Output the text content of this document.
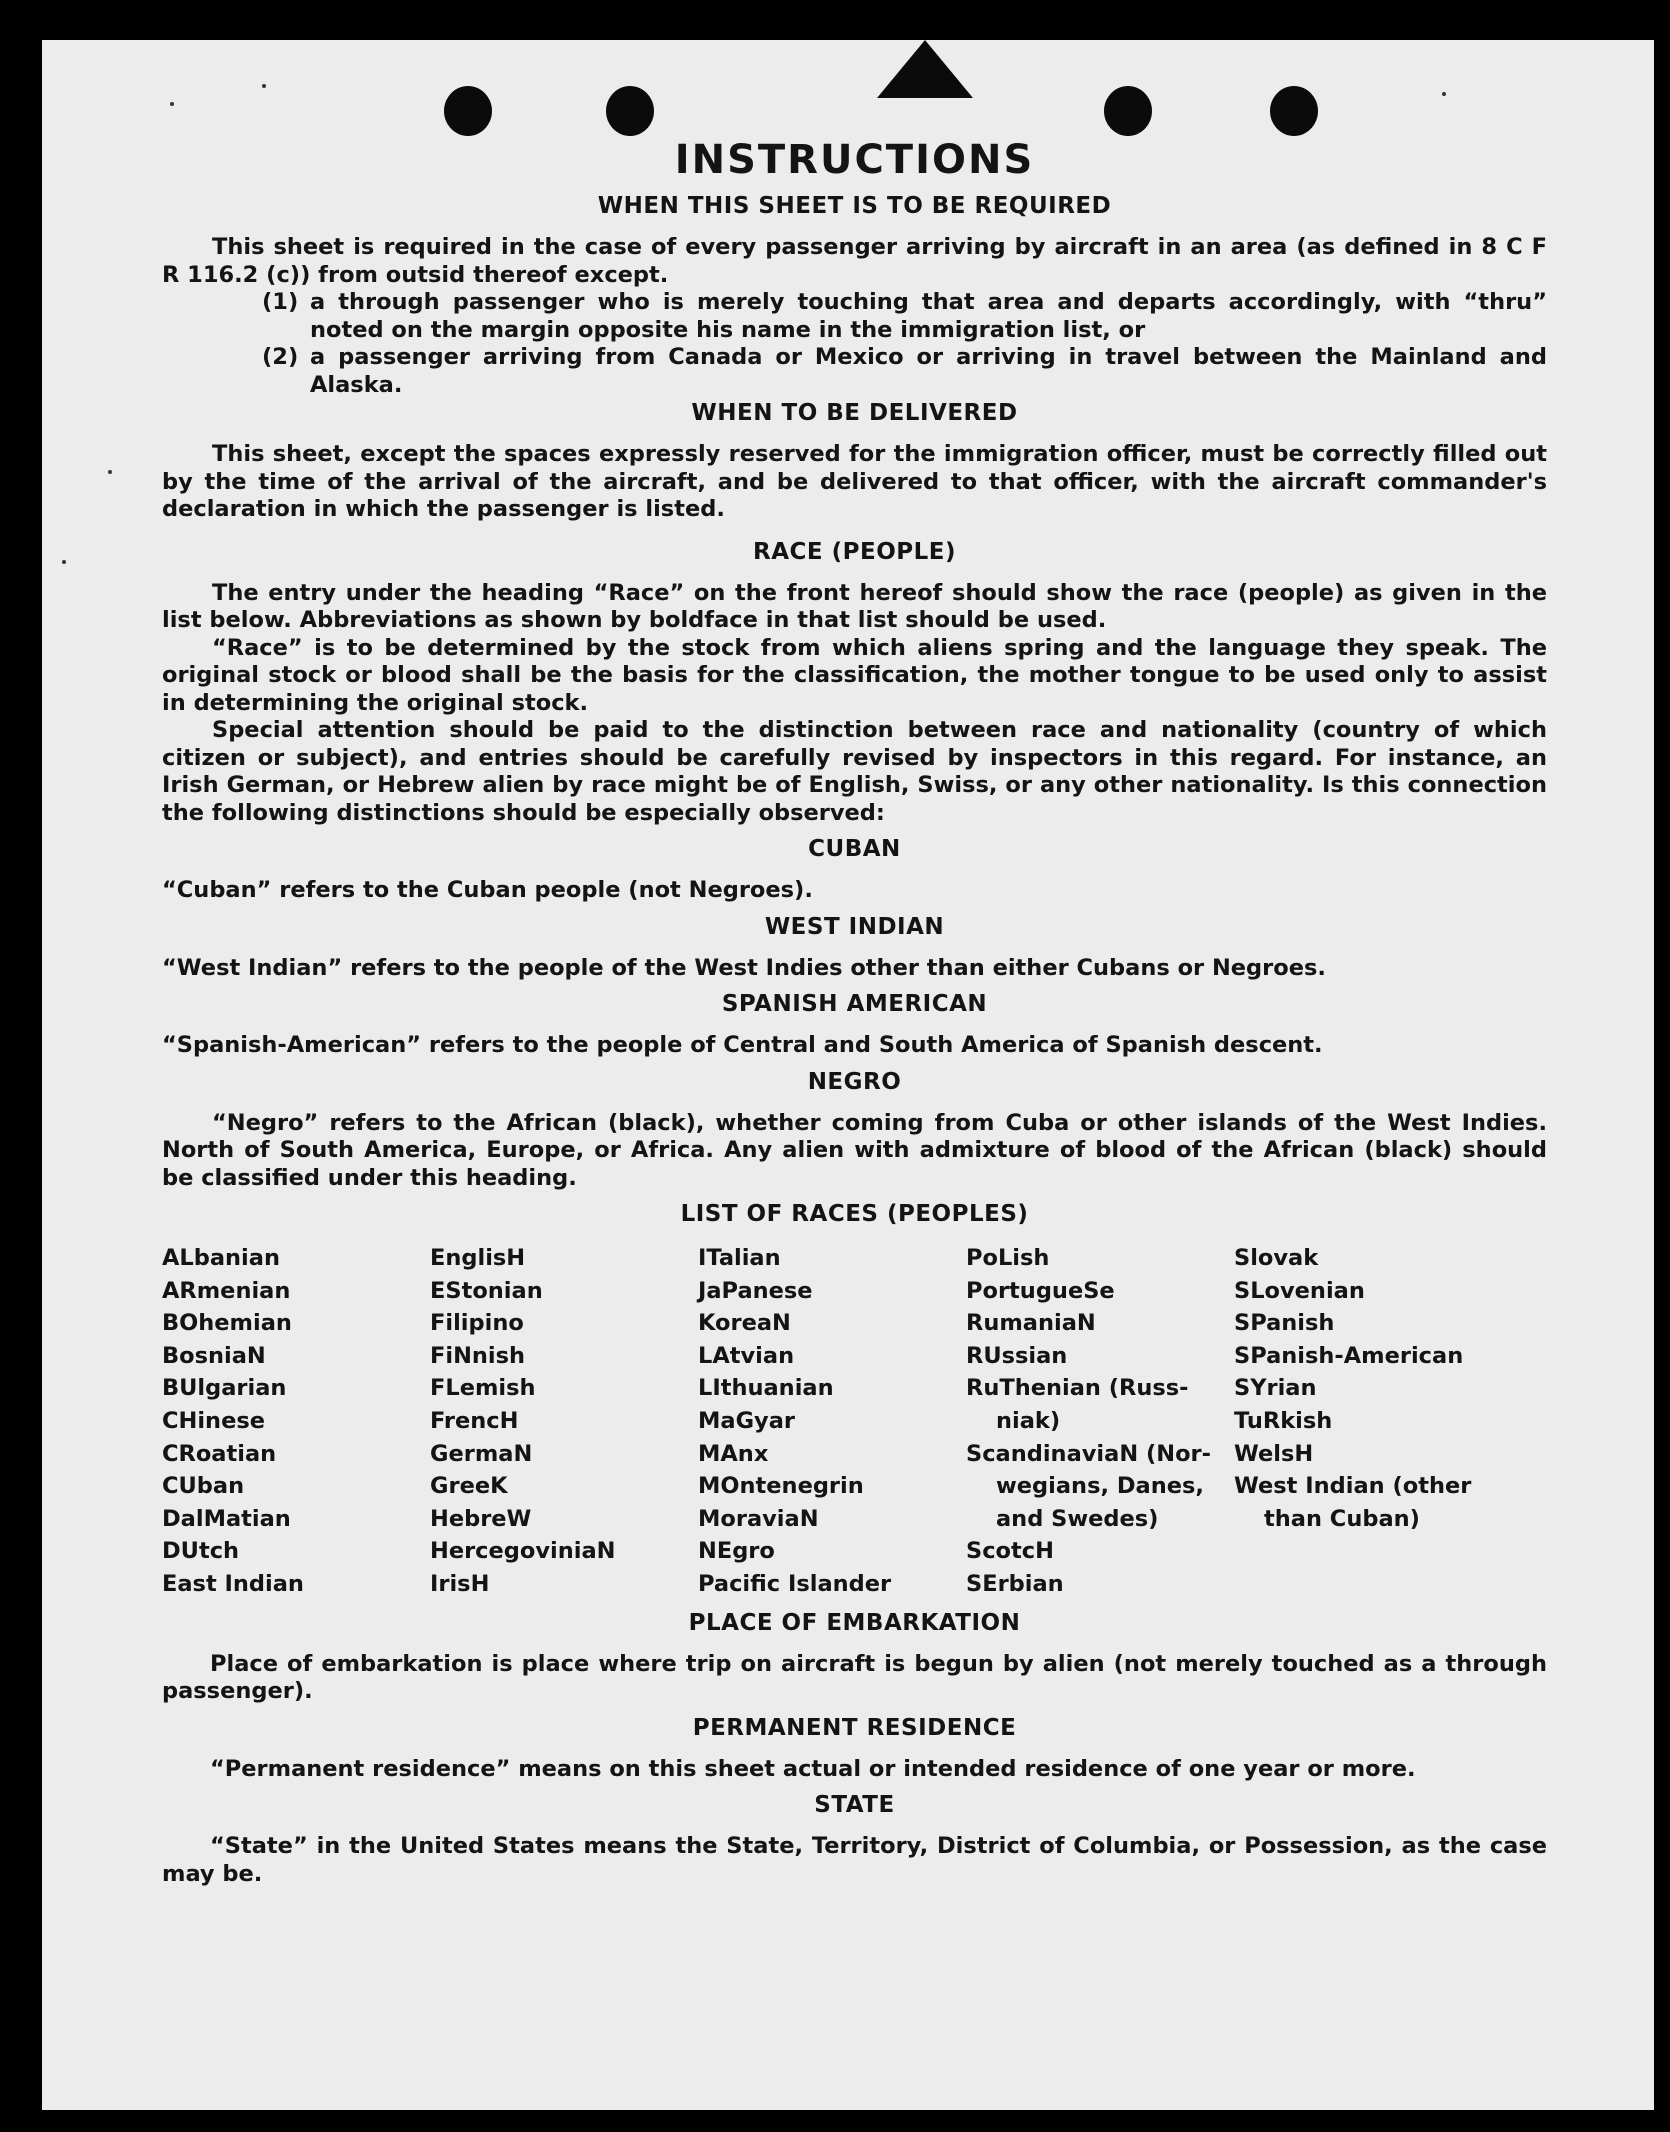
INSTRUCTIONS
WHEN THIS SHEET IS TO BE REQUIRED

This sheet is required in the case of every passenger arriving by aircraft in an area (as defined in 8 C F R 116.2 (c)) from outsid thereof except.

(1) a through passenger who is merely touching that area and departs accordingly, with “thru” noted on the margin opposite his name in the immigration list, or
(2) a passenger arriving from Canada or Mexico or arriving in travel between the Mainland and Alaska.
WHEN TO BE DELIVERED

This sheet, except the spaces expressly reserved for the immigration officer, must be correctly filled out by the time of the arrival of the aircraft, and be delivered to that officer, with the aircraft commander's declaration in which the passenger is listed.

RACE (PEOPLE)

The entry under the heading “Race” on the front hereof should show the race (people) as given in the list below. Abbreviations as shown by boldface in that list should be used.

“Race” is to be determined by the stock from which aliens spring and the language they speak. The original stock or blood shall be the basis for the classification, the mother tongue to be used only to assist in determining the original stock.

Special attention should be paid to the distinction between race and nationality (country of which citizen or subject), and entries should be carefully revised by inspectors in this regard. For instance, an Irish German, or Hebrew alien by race might be of English, Swiss, or any other nationality. Is this connection the following distinctions should be especially observed:

CUBAN

“Cuban” refers to the Cuban people (not Negroes).

WEST INDIAN

“West Indian” refers to the people of the West Indies other than either Cubans or Negroes.

SPANISH AMERICAN

“Spanish-American” refers to the people of Central and South America of Spanish descent.

NEGRO

“Negro” refers to the African (black), whether coming from Cuba or other islands of the West Indies. North of South America, Europe, or Africa. Any alien with admixture of blood of the African (black) should be classified under this heading.

LIST OF RACES (PEOPLES)
ALbanian
ARmenian
BOhemian
BosniaN
BUlgarian
CHinese
CRoatian
CUban
DalMatian
DUtch
East Indian
EnglisH
EStonian
Filipino
FiNnish
FLemish
FrencH
GermaN
GreeK
HebreW
HercegoviniaN
IrisH
ITalian
JaPanese
KoreaN
LAtvian
LIthuanian
MaGyar
MAnx
MOntenegrin
MoraviaN
NEgro
Pacific Islander
PoLish
PortugueSe
RumaniaN
RUssian
RuThenian (Russ-
niak)
ScandinaviaN (Nor-
wegians, Danes,
and Swedes)
ScotcH
SErbian
Slovak
SLovenian
SPanish
SPanish-American
SYrian
TuRkish
WelsH
West Indian (other
than Cuban)
PLACE OF EMBARKATION

Place of embarkation is place where trip on aircraft is begun by alien (not merely touched as a through passenger).

PERMANENT RESIDENCE

“Permanent residence” means on this sheet actual or intended residence of one year or more.

STATE

“State” in the United States means the State, Territory, District of Columbia, or Possession, as the case may be.
